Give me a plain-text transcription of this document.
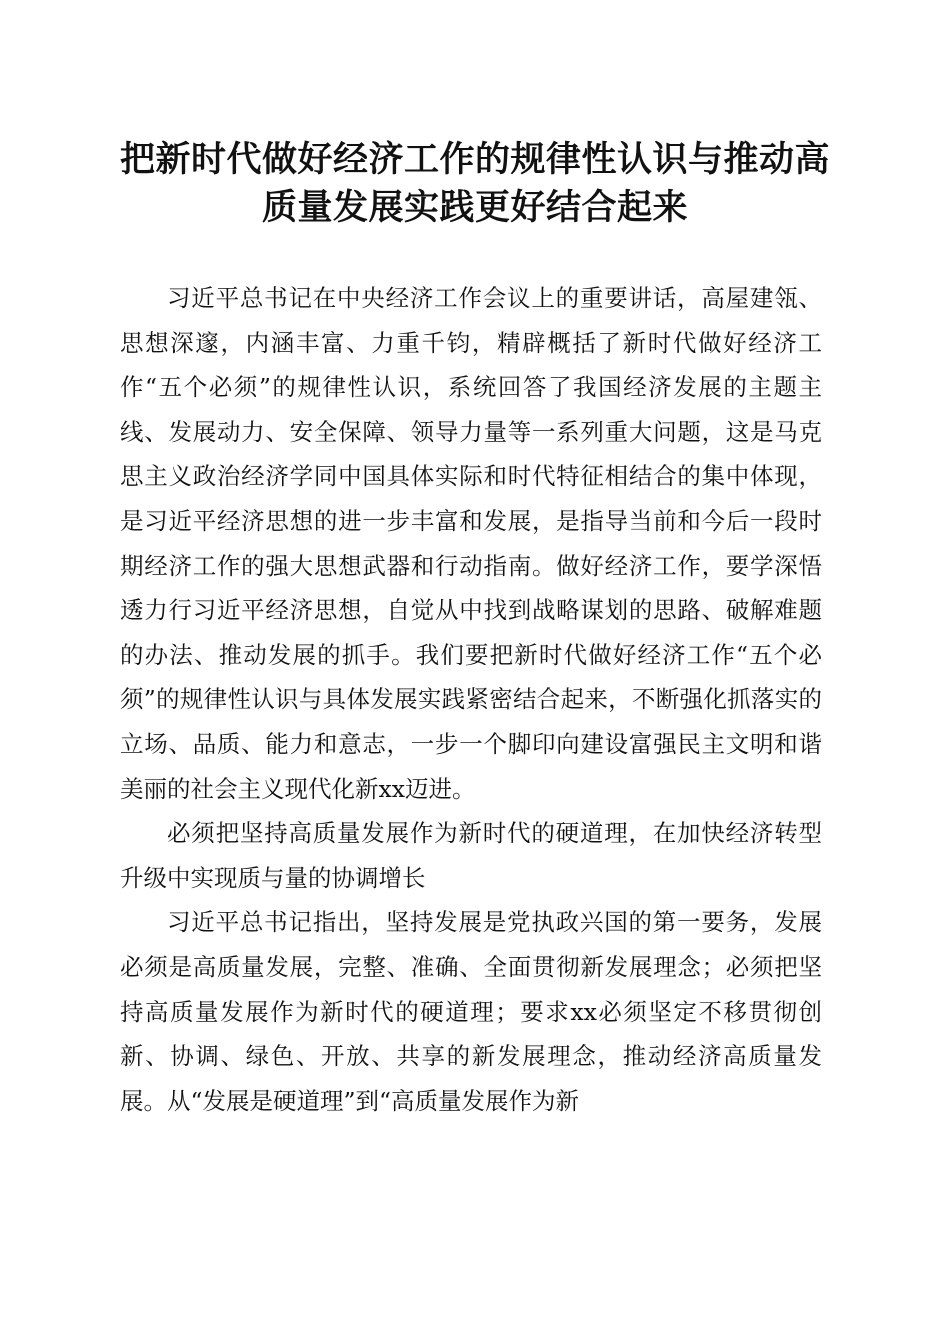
把新时代做好经济工作的规律性认识与推动高质量发展实践更好结合起来

习近平总书记在中央经济工作会议上的重要讲话，高屋建瓴、思想深邃，内涵丰富、力重千钧，精辟概括了新时代做好经济工作“五个必须”的规律性认识，系统回答了我国经济发展的主题主线、发展动力、安全保障、领导力量等一系列重大问题，这是马克思主义政治经济学同中国具体实际和时代特征相结合的集中体现，是习近平经济思想的进一步丰富和发展，是指导当前和今后一段时期经济工作的强大思想武器和行动指南。做好经济工作，要学深悟透力行习近平经济思想，自觉从中找到战略谋划的思路、破解难题的办法、推动发展的抓手。我们要把新时代做好经济工作“五个必须”的规律性认识与具体发展实践紧密结合起来，不断强化抓落实的立场、品质、能力和意志，一步一个脚印向建设富强民主文明和谐美丽的社会主义现代化新xx迈进。

必须把坚持高质量发展作为新时代的硬道理，在加快经济转型升级中实现质与量的协调增长

习近平总书记指出，坚持发展是党执政兴国的第一要务，发展必须是高质量发展，完整、准确、全面贯彻新发展理念；必须把坚持高质量发展作为新时代的硬道理；要求xx必须坚定不移贯彻创新、协调、绿色、开放、共享的新发展理念，推动经济高质量发展。从“发展是硬道理”到“高质量发展作为新
